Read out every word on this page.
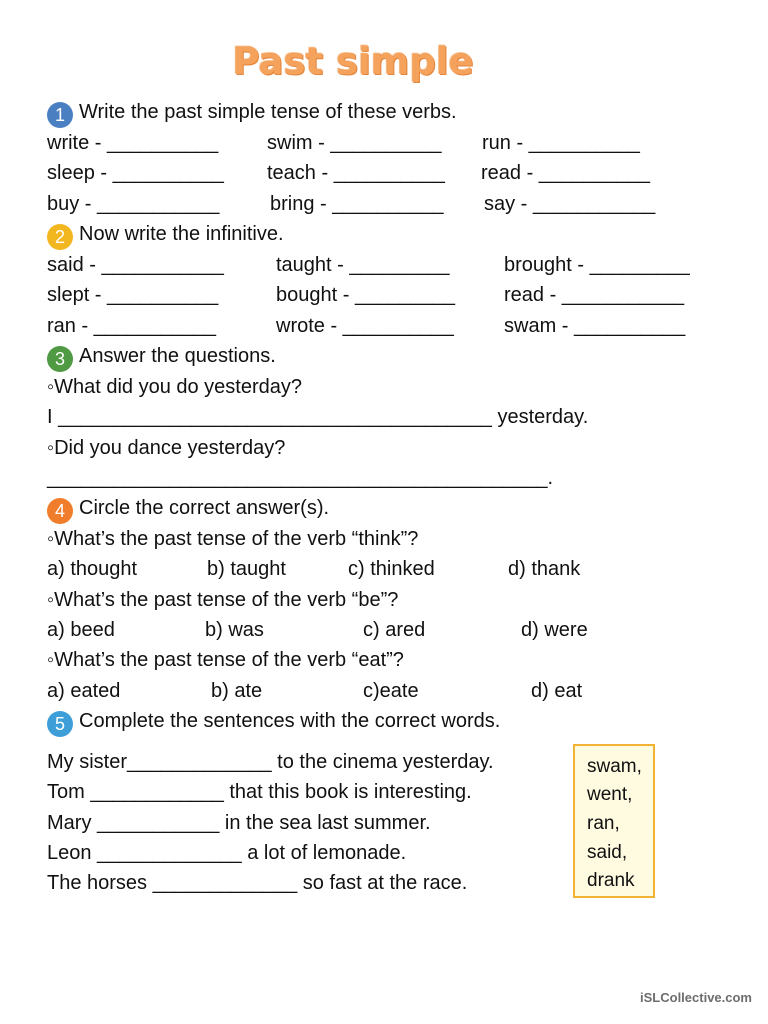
Past simple
1 Write the past simple tense of these verbs.
write - __________ swim - __________ run - __________
sleep - __________ teach - __________ read - __________
buy - ___________	bring - __________ say - ___________
2 Now write the infinitive.
said - ___________	taught - _________	brought - _________
slept - __________	bought - _________ read - ___________
ran - ___________	wrote - __________	swam - __________
3 Answer the questions.
◦What did you do yesterday?
I _______________________________________ yesterday.
◦Did you dance yesterday?
_____________________________________________.
4 Circle the correct answer(s).
◦What’s the past tense of the verb “think”?
a) thought	b) taught	c) thinked	d) thank
◦What’s the past tense of the verb “be”?
a) beed	b) was	c) ared	d) were
◦What’s the past tense of the verb “eat”?
a) eated	b) ate	c)eate	d) eat
5 Complete the sentences with the correct words.
My sister_____________ to the cinema yesterday.
Tom ____________ that this book is interesting.
Mary ___________ in the sea last summer.
Leon _____________ a lot of lemonade.
The horses _____________ so fast at the race.
swam,
went,
ran,
said,
drank
iSLCollective.com
